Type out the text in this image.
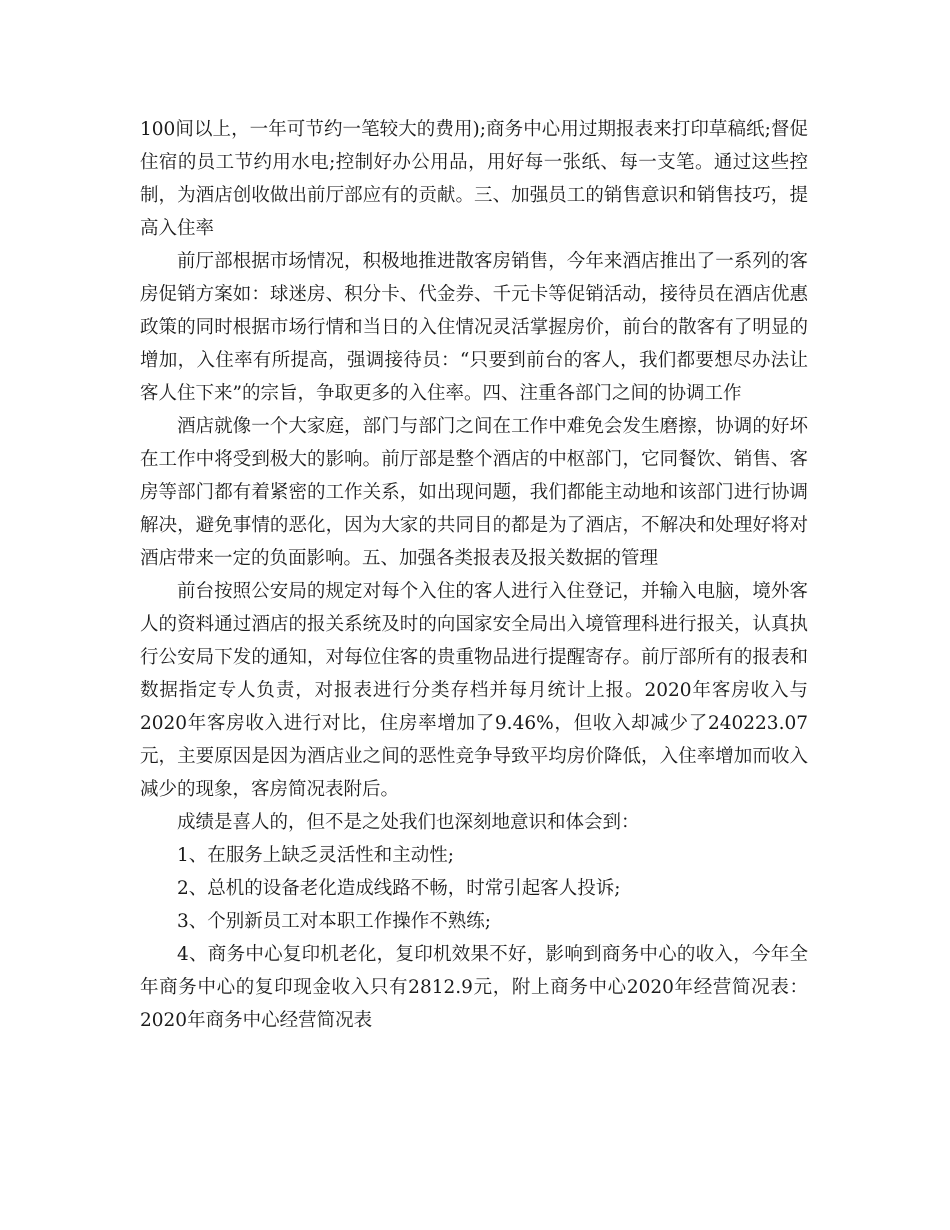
100间以上，一年可节约一笔较大的费用);商务中心用过期报表来打印草稿纸;督促住宿的员工节约用水电;控制好办公用品，用好每一张纸、每一支笔。通过这些控制，为酒店创收做出前厅部应有的贡献。三、加强员工的销售意识和销售技巧，提高入住率

前厅部根据市场情况，积极地推进散客房销售，今年来酒店推出了一系列的客房促销方案如：球迷房、积分卡、代金券、千元卡等促销活动，接待员在酒店优惠政策的同时根据市场行情和当日的入住情况灵活掌握房价，前台的散客有了明显的增加，入住率有所提高，强调接待员：“只要到前台的客人，我们都要想尽办法让客人住下来”的宗旨，争取更多的入住率。四、注重各部门之间的协调工作

酒店就像一个大家庭，部门与部门之间在工作中难免会发生磨擦，协调的好坏在工作中将受到极大的影响。前厅部是整个酒店的中枢部门，它同餐饮、销售、客房等部门都有着紧密的工作关系，如出现问题，我们都能主动地和该部门进行协调解决，避免事情的恶化，因为大家的共同目的都是为了酒店，不解决和处理好将对酒店带来一定的负面影响。五、加强各类报表及报关数据的管理

前台按照公安局的规定对每个入住的客人进行入住登记，并输入电脑，境外客人的资料通过酒店的报关系统及时的向国家安全局出入境管理科进行报关，认真执行公安局下发的通知，对每位住客的贵重物品进行提醒寄存。前厅部所有的报表和数据指定专人负责，对报表进行分类存档并每月统计上报。2020年客房收入与2020年客房收入进行对比，住房率增加了9.46%，但收入却减少了240223.07元，主要原因是因为酒店业之间的恶性竞争导致平均房价降低，入住率增加而收入减少的现象，客房简况表附后。

成绩是喜人的，但不是之处我们也深刻地意识和体会到：

1、在服务上缺乏灵活性和主动性;

2、总机的设备老化造成线路不畅，时常引起客人投诉;

3、个别新员工对本职工作操作不熟练;

4、商务中心复印机老化，复印机效果不好，影响到商务中心的收入，今年全年商务中心的复印现金收入只有2812.9元，附上商务中心2020年经营简况表：2020年商务中心经营简况表
